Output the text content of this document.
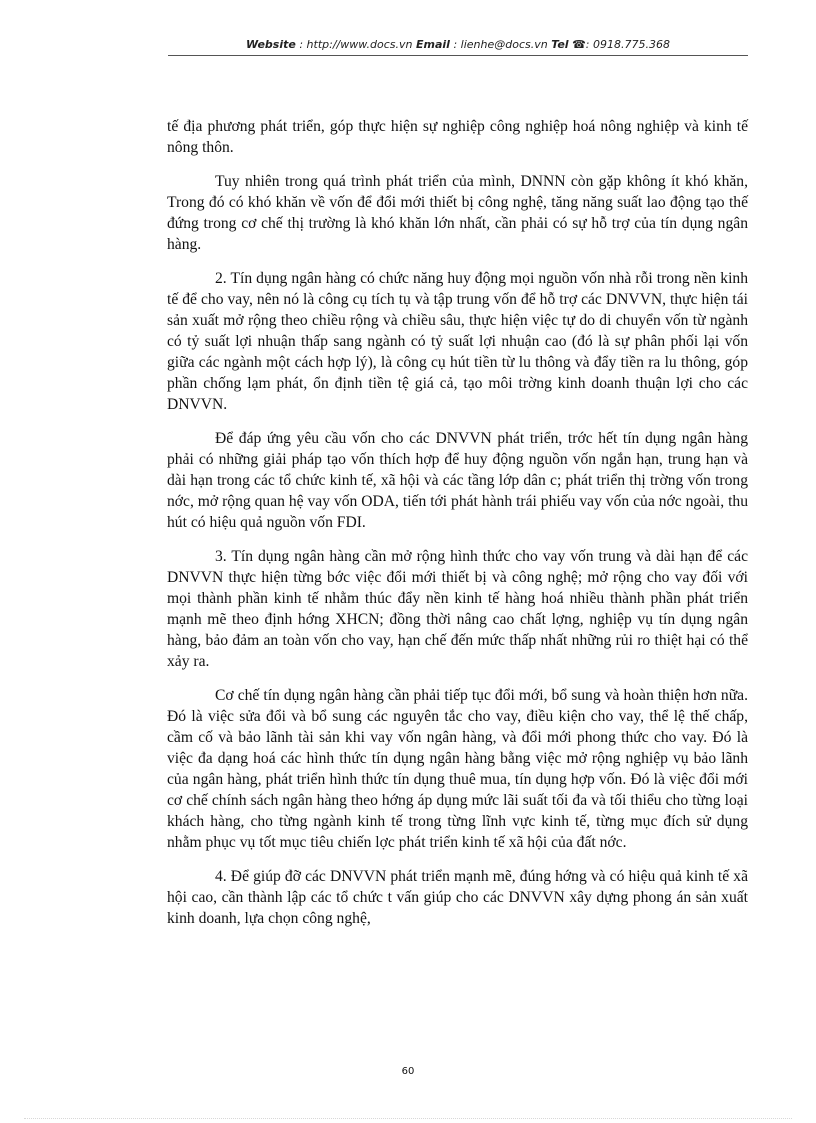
Website : http://www.docs.vn Email : lienhe@docs.vn Tel ☎: 0918.775.368

tế địa phương phát triển, góp thực hiện sự nghiệp công nghiệp hoá nông nghiệp và kinh tế nông thôn.

Tuy nhiên trong quá trình phát triển của mình, DNNN còn gặp không ít khó khăn, Trong đó có khó khăn về vốn để đổi mới thiết bị công nghệ, tăng năng suất lao động tạo thế đứng trong cơ chế thị trường là khó khăn lớn nhất, cần phải có sự hỗ trợ của tín dụng ngân hàng.

2. Tín dụng ngân hàng có chức năng huy động mọi nguồn vốn nhà rỗi trong nền kinh tế để cho vay, nên nó là công cụ tích tụ và tập trung vốn để hỗ trợ các DNVVN, thực hiện tái sản xuất mở rộng theo chiều rộng và chiều sâu, thực hiện việc tự do di chuyển vốn từ ngành có tỷ suất lợi nhuận thấp sang ngành có tỷ suất lợi nhuận cao (đó là sự phân phối lại vốn giữa các ngành một cách hợp lý), là công cụ hút tiền từ lu thông và đẩy tiền ra lu thông, góp phần chống lạm phát, ổn định tiền tệ giá cả, tạo môi trờng kinh doanh thuận lợi cho các DNVVN.

Để đáp ứng yêu cầu vốn cho các DNVVN phát triển, trớc hết tín dụng ngân hàng phải có những giải pháp tạo vốn thích hợp để huy động nguồn vốn ngắn hạn, trung hạn và dài hạn trong các tổ chức kinh tế, xã hội và các tầng lớp dân c; phát triển thị trờng vốn trong nớc, mở rộng quan hệ vay vốn ODA, tiến tới phát hành trái phiếu vay vốn của nớc ngoài, thu hút có hiệu quả nguồn vốn FDI.

3. Tín dụng ngân hàng cần mở rộng hình thức cho vay vốn trung và dài hạn để các DNVVN thực hiện từng bớc việc đổi mới thiết bị và công nghệ; mở rộng cho vay đối với mọi thành phần kinh tế nhằm thúc đẩy nền kinh tế hàng hoá nhiều thành phần phát triển mạnh mẽ theo định hớng XHCN; đồng thời nâng cao chất lợng, nghiệp vụ tín dụng ngân hàng, bảo đảm an toàn vốn cho vay, hạn chế đến mức thấp nhất những rủi ro thiệt hại có thể xảy ra.

Cơ chế tín dụng ngân hàng cần phải tiếp tục đổi mới, bổ sung và hoàn thiện hơn nữa. Đó là việc sửa đổi và bổ sung các nguyên tắc cho vay, điều kiện cho vay, thể lệ thế chấp, cầm cố và bảo lãnh tài sản khi vay vốn ngân hàng, và đổi mới phong thức cho vay. Đó là việc đa dạng hoá các hình thức tín dụng ngân hàng bằng việc mở rộng nghiệp vụ bảo lãnh của ngân hàng, phát triển hình thức tín dụng thuê mua, tín dụng hợp vốn. Đó là việc đổi mới cơ chế chính sách ngân hàng theo hớng áp dụng mức lãi suất tối đa và tối thiểu cho từng loại khách hàng, cho từng ngành kinh tế trong từng lĩnh vực kinh tế, từng mục đích sử dụng nhằm phục vụ tốt mục tiêu chiến lợc phát triển kinh tế xã hội của đất nớc.

4. Để giúp đỡ các DNVVN phát triển mạnh mẽ, đúng hớng và có hiệu quả kinh tế xã hội cao, cần thành lập các tổ chức t vấn giúp cho các DNVVN xây dựng phong án sản xuất kinh doanh, lựa chọn công nghệ,

60
